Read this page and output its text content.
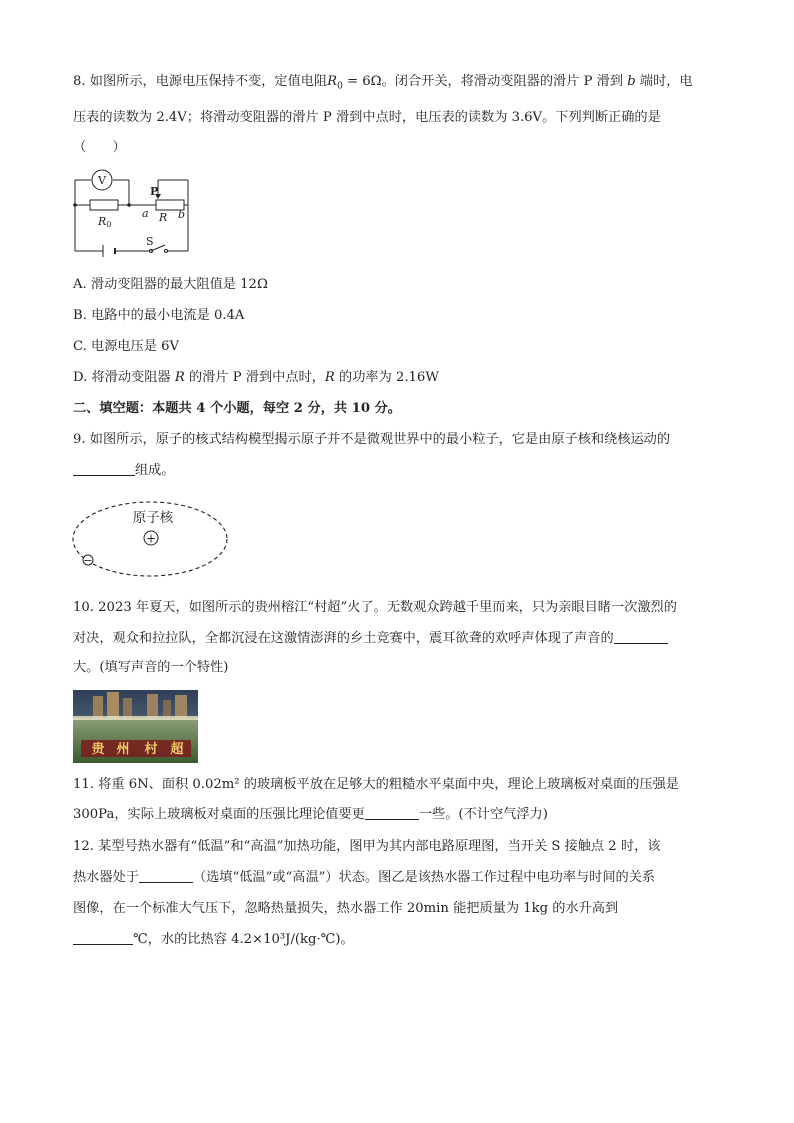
8. 如图所示，电源电压保持不变，定值电阻$R_0 = 6\Omega$。闭合开关，将滑动变阻器的滑片 P 滑到 b 端时，电
压表的读数为 2.4V；将滑动变阻器的滑片 P 滑到中点时，电压表的读数为 3.6V。下列判断正确的是
（　　）
V
P
a	b
R
R0
S
A. 滑动变阻器的最大阻值是 12Ω
B. 电路中的最小电流是 0.4A
C. 电源电压是 6V
D. 将滑动变阻器 R 的滑片 P 滑到中点时，R 的功率为 2.16W
二、填空题：本题共 4 个小题，每空 2 分，共 10 分。
9. 如图所示，原子的核式结构模型揭示原子并不是微观世界中的最小粒子，它是由原子核和绕核运动的
组成。
原子核
+
−
10. 2023 年夏天，如图所示的贵州榕江“村超”火了。无数观众跨越千里而来，只为亲眼目睹一次激烈的
对决，观众和拉拉队，全都沉浸在这激情澎湃的乡土竞赛中，震耳欲聋的欢呼声体现了声音的
大。(填写声音的一个特性)
贵 州 村 超
11. 将重 6N、面积 0.02m² 的玻璃板平放在足够大的粗糙水平桌面中央，理论上玻璃板对桌面的压强是
300Pa，实际上玻璃板对桌面的压强比理论值要更	一些。(不计空气浮力)
12. 某型号热水器有“低温”和“高温”加热功能，图甲为其内部电路原理图，当开关 S 接触点 2 时，该
热水器处于	（选填“低温”或“高温”）状态。图乙是该热水器工作过程中电功率与时间的关系
图像，在一个标准大气压下，忽略热量损失，热水器工作 20min 能把质量为 1kg 的水升高到
℃，水的比热容 4.2×10³J/(kg·℃)。
